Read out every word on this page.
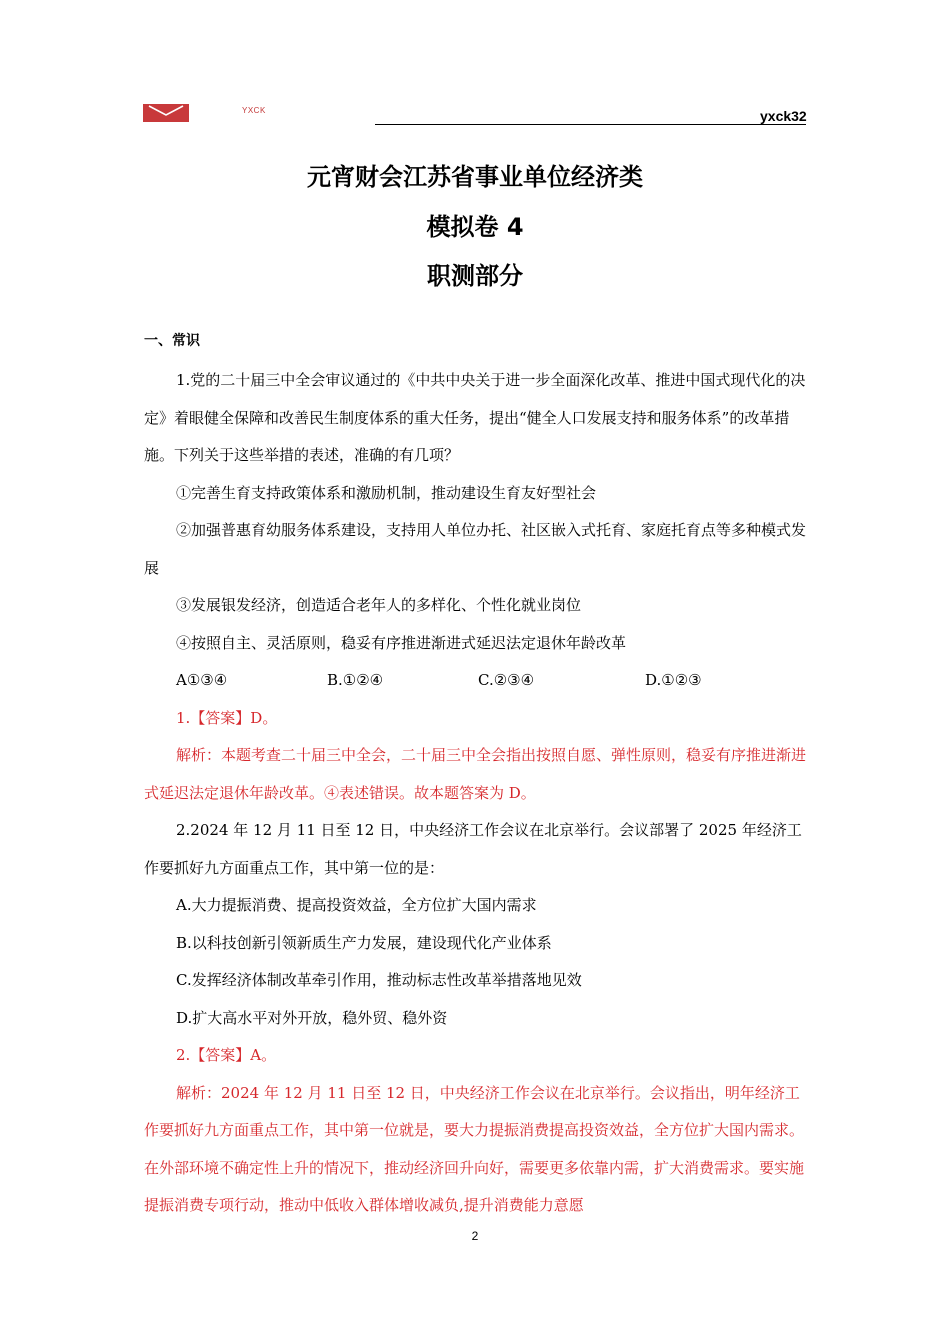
YXCK	yxck32
元宵财会江苏省事业单位经济类
模拟卷 4
职测部分
一、常识

1.党的二十届三中全会审议通过的《中共中央关于进一步全面深化改革、推进中国式现代化的决定》着眼健全保障和改善民生制度体系的重大任务，提出“健全人口发展支持和服务体系”的改革措施。下列关于这些举措的表述，准确的有几项？

①完善生育支持政策体系和激励机制，推动建设生育友好型社会

②加强普惠育幼服务体系建设，支持用人单位办托、社区嵌入式托育、家庭托育点等多种模式发展

③发展银发经济，创造适合老年人的多样化、个性化就业岗位

④按照自主、灵活原则，稳妥有序推进渐进式延迟法定退休年龄改革

A①③④	B.①②④	C.②③④	D.①②③

1.【答案】D。

解析：本题考查二十届三中全会，二十届三中全会指出按照自愿、弹性原则，稳妥有序推进渐进式延迟法定退休年龄改革。④表述错误。故本题答案为 D。

2.2024 年 12 月 11 日至 12 日，中央经济工作会议在北京举行。会议部署了 2025 年经济工作要抓好九方面重点工作，其中第一位的是：

A.大力提振消费、提高投资效益，全方位扩大国内需求

B.以科技创新引领新质生产力发展，建设现代化产业体系

C.发挥经济体制改革牵引作用，推动标志性改革举措落地见效

D.扩大高水平对外开放，稳外贸、稳外资

2.【答案】A。

解析：2024 年 12 月 11 日至 12 日，中央经济工作会议在北京举行。会议指出，明年经济工作要抓好九方面重点工作，其中第一位就是，要大力提振消费提高投资效益，全方位扩大国内需求。在外部环境不确定性上升的情况下，推动经济回升向好，需要更多依靠内需，扩大消费需求。要实施提振消费专项行动，推动中低收入群体增收减负,提升消费能力意愿

2
